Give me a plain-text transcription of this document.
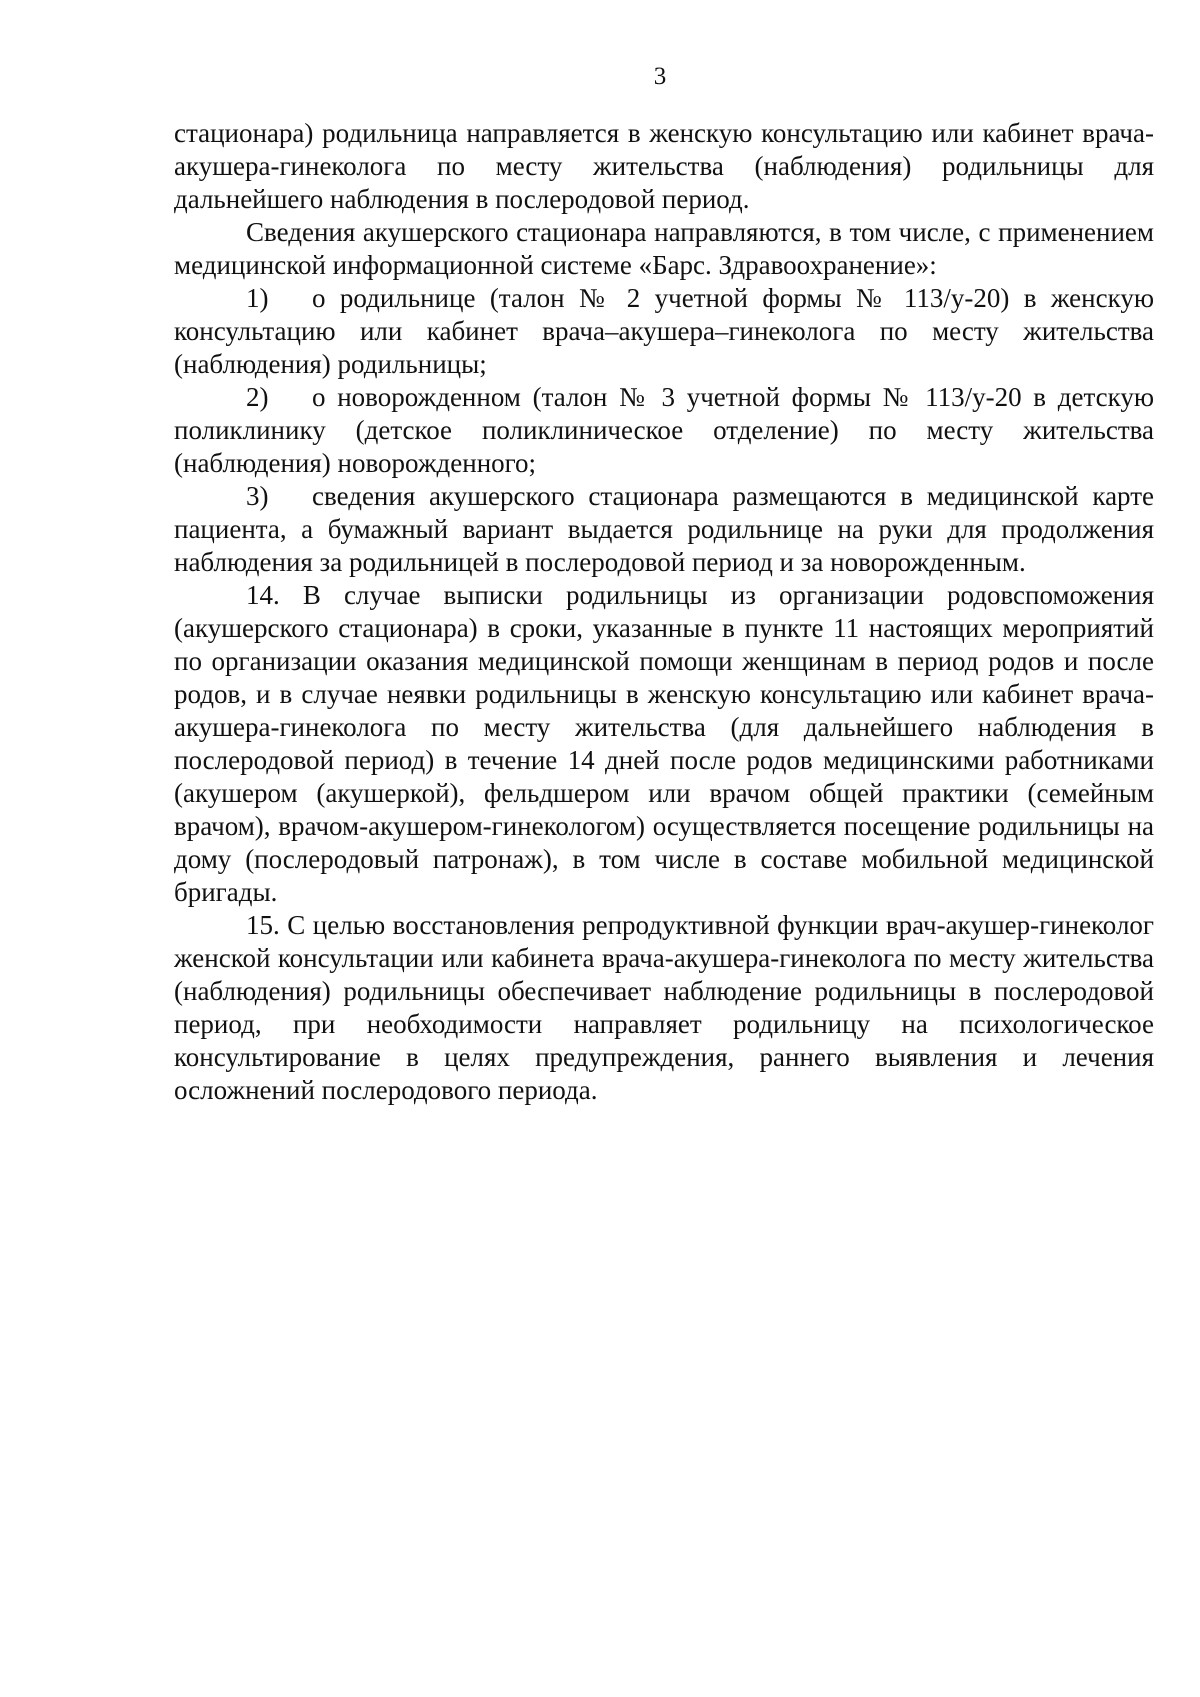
3

стационара) родильница направляется в женскую консультацию или кабинет врача-акушера-гинеколога по месту жительства (наблюдения) родильницы для дальнейшего наблюдения в послеродовой период.

Сведения акушерского стационара направляются, в том числе, с применением медицинской информационной системе «Барс. Здравоохранение»:

1) о родильнице (талон № 2 учетной формы № 113/у-20) в женскую консультацию или кабинет врача–акушера–гинеколога по месту жительства (наблюдения) родильницы;

2) о новорожденном (талон № 3 учетной формы № 113/у-20 в детскую поликлинику (детское поликлиническое отделение) по месту жительства (наблюдения) новорожденного;

3) сведения акушерского стационара размещаются в медицинской карте пациента, а бумажный вариант выдается родильнице на руки для продолжения наблюдения за родильницей в послеродовой период и за новорожденным.

14. В случае выписки родильницы из организации родовспоможения (акушерского стационара) в сроки, указанные в пункте 11 настоящих мероприятий по организации оказания медицинской помощи женщинам в период родов и после родов, и в случае неявки родильницы в женскую консультацию или кабинет врача-акушера-гинеколога по месту жительства (для дальнейшего наблюдения в послеродовой период) в течение 14 дней после родов медицинскими работниками (акушером (акушеркой), фельдшером или врачом общей практики (семейным врачом), врачом-акушером-гинекологом) осуществляется посещение родильницы на дому (послеродовый патронаж), в том числе в составе мобильной медицинской бригады.

15. С целью восстановления репродуктивной функции врач-акушер-гинеколог женской консультации или кабинета врача-акушера-гинеколога по месту жительства (наблюдения) родильницы обеспечивает наблюдение родильницы в послеродовой период, при необходимости направляет родильницу на психологическое консультирование в целях предупреждения, раннего выявления и лечения осложнений послеродового периода.
